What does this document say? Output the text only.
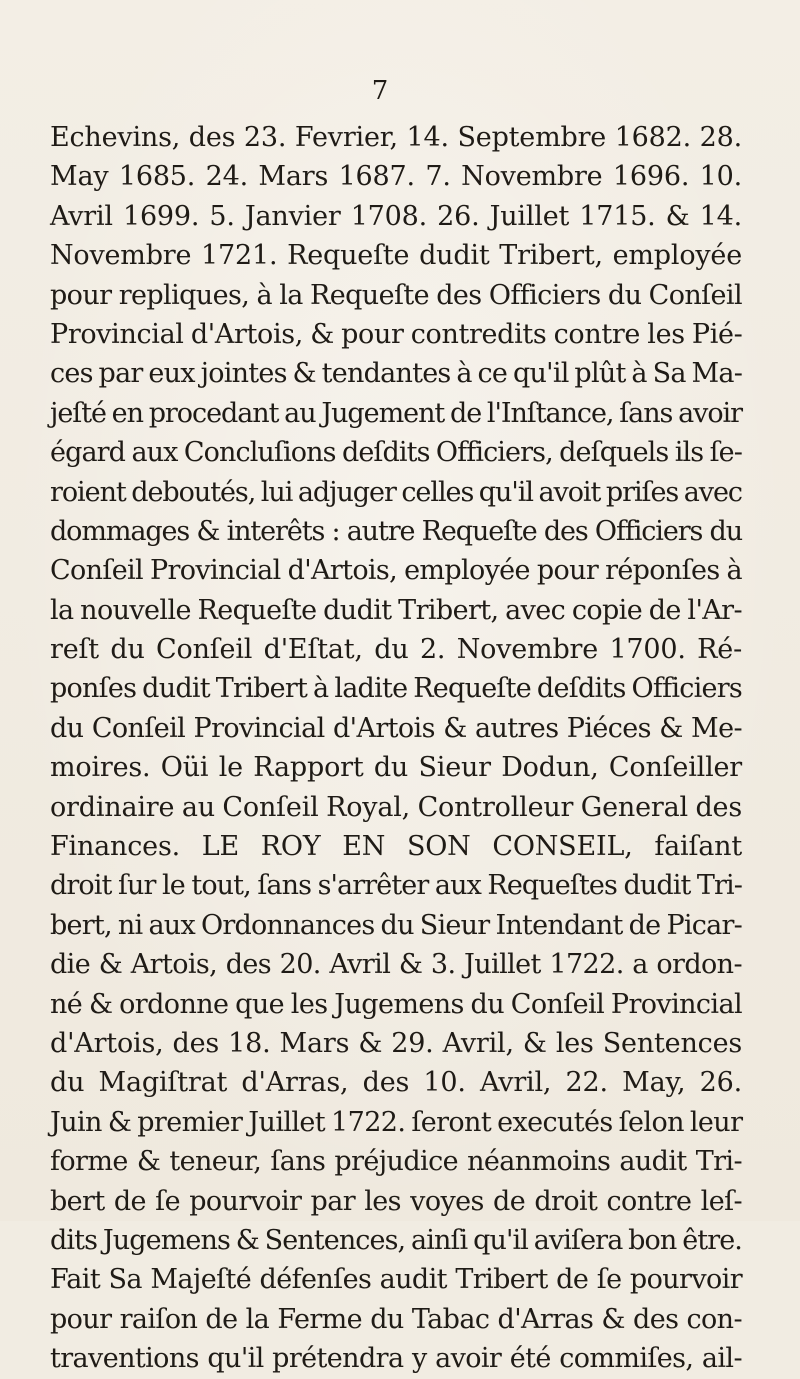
7
Echevins, des 23. Fevrier, 14. Septembre 1682. 28.
May 1685. 24. Mars 1687. 7. Novembre 1696. 10.
Avril 1699. 5. Janvier 1708. 26. Juillet 1715. & 14.
Novembre 1721. Requeſte dudit Tribert, employée
pour repliques, à la Requeſte des Officiers du Conſeil
Provincial d'Artois, & pour contredits contre les Pié-
ces par eux jointes & tendantes à ce qu'il plût à Sa Ma-
jeſté en procedant au Jugement de l'Inſtance, ſans avoir
égard aux Concluſions deſdits Officiers, deſquels ils ſe-
roient deboutés, lui adjuger celles qu'il avoit priſes avec
dommages & interêts : autre Requeſte des Officiers du
Conſeil Provincial d'Artois, employée pour réponſes à
la nouvelle Requeſte dudit Tribert, avec copie de l'Ar-
reſt du Conſeil d'Eſtat, du 2. Novembre 1700. Ré-
ponſes dudit Tribert à ladite Requeſte deſdits Officiers
du Conſeil Provincial d'Artois & autres Piéces & Me-
moires. Oüi le Rapport du Sieur Dodun, Conſeiller
ordinaire au Conſeil Royal, Controlleur General des
Finances. LE ROY EN SON CONSEIL, faiſant
droit ſur le tout, ſans s'arrêter aux Requeſtes dudit Tri-
bert, ni aux Ordonnances du Sieur Intendant de Picar-
die & Artois, des 20. Avril & 3. Juillet 1722. a ordon-
né & ordonne que les Jugemens du Conſeil Provincial
d'Artois, des 18. Mars & 29. Avril, & les Sentences
du Magiſtrat d'Arras, des 10. Avril, 22. May, 26.
Juin & premier Juillet 1722. ſeront executés ſelon leur
forme & teneur, ſans préjudice néanmoins audit Tri-
bert de ſe pourvoir par les voyes de droit contre leſ-
dits Jugemens & Sentences, ainſi qu'il aviſera bon être.
Fait Sa Majeſté défenſes audit Tribert de ſe pourvoir
pour raiſon de la Ferme du Tabac d'Arras & des con-
traventions qu'il prétendra y avoir été commiſes, ail-
